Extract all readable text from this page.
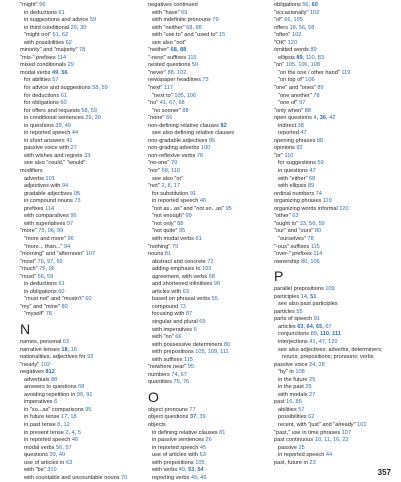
"might" 56
in deductions 61
in suggestions and advice 59
in third conditional 29, 30
"might not" 61, 62
with possibilities 62
minority" and "majority" 78
"mis-" prefixes 114
mixed conditionals 29
modal verbs 49, 56
for abilities 57
for advice and suggestions 58, 59
for deductions 61
for obligations 60
for offers and requests 58, 59
in conditional sentences 29, 30
in questions 39, 40
in reported speech 44
in short answers 41
passive voice with 27
with wishes and regrets 33
see also "could," "would"
modifiers
adverbs 101
adjectives with 94
gradable adjectives 95
in compound nouns 73
prefixes 114
with comparatives 96
with superlatives 97
"more" 75, 96, 99
"more and more" 96
"more... than..." 94
"morning" and "afternoon" 107
"most" 76, 97, 99
"much" 75, 96
"must" 56, 59
in deductions 61
in obligations 60
"must not" and "mustn't" 60
"my" and "mine" 80
"myself" 78
N
names, personal 63
narrative tenses 18, 16
nationalities, adjectives for 92
"nearly" 102
negatives 812
adverbials 88
answers to questions 68
avoiding repetition in 90, 91
imperatives 6
in "so...as" comparisons 95
in future tense 17, 18
in past tense 8, 12
in present tense 2, 4, 5
in reported speech 46
modal verbs 56, 57
questions 39, 40
use of articles in 63
with "be" 310
with countable and uncountable nouns 70
negatives continued
with "have" 69
with indefinite pronouns 79
with "neither" 68, 88
with "use to" and "used to" 15
see also "not"
"neither" 68, 88
"-ness" suffixes 115
nested questions 50
"never" 88, 102
newspaper headlines 73
"next" 117
"next to" 105, 106
"no" 41, 67, 68
"no sooner" 88
"none" 66
non-defining relative clauses 82
see also defining relative clauses
non-gradable adjectives 95
non-grading adverbs 100
non-reflexive verbs 78
"no-one" 79
"nor" 68, 110
see also "or"
"not" 2, 8, 17
for substitution 91
in reported speech 46
"not as...as" and "not so...as" 95
"not enough" 99
"not only" 88
"not quite" 95
with modal verbs 61
"nothing" 79
nouns 81
abstract and concrete 72
adding emphasis to 103
agreement, with verbs 68
and shortened infinitives 90
articles with 63
based on phrasal verbs 55
compound 73
focusing with 87
singular and plural 69
with imperatives 6
with "no" 66
with possessive determiners 80
with prepositions 105, 109, 111
with suffixes 115
"nowhere near" 95
numbers 74, 67
quantities 75, 76
O
object pronouns 77
object questions 37, 39
objects
in defining relative clauses 81
in passive sentences 26
in reported speech 45
use of articles with 63
with prepositions 105
with verbs 49, 53, 54
reporting verbs 45, 46
obligations 56, 60
"occasionally" 102
"of" 66, 105
offers 18, 56, 58
"often" 102
"OK" 120
omitted words 89
ellipsis 89, 110, 83
"on" 105, 106, 108
"on the one / other hand" 119
"on top of" 106
"one" and "ones" 89
"one another" 78
"one of" 97
"only when" 88
open questions 4, 36, 42
indirect 38
reported 47
opening phrases 88
opinions 92
"or" 110
for suggestions 59
in questions 47
with "either" 68
with ellipsis 89
ordinal numbers 74
organizing phrases 119
organizing words informal 120
"other" 63
"ought to" 33, 56, 59
"our" and "ours" 80
"ourselves" 78
"-ous" suffixes 115
"over-" prefixes 114
ownership 80, 106
P
parallel prepositions 109
participles 14, 51
see also past participles
particles 55
parts of speech 81
articles 63, 64, 65, 67
conjunctions 89, 110, 111
interjections 41, 47, 120
see also adjectives; adverbs; determiners;
nouns; prepositions; pronouns; verbs
passive voice 24, 28
"by" in 108
in the future 25
in the past 25
with modals 27
past 16, 86
abilities 57
possibilities 62
recent, with "just" and "already" 101
"past," use in time phrases 107
past continuous 10, 11, 16, 22
passive 25
in reported speech 44
past, future in 23
357
